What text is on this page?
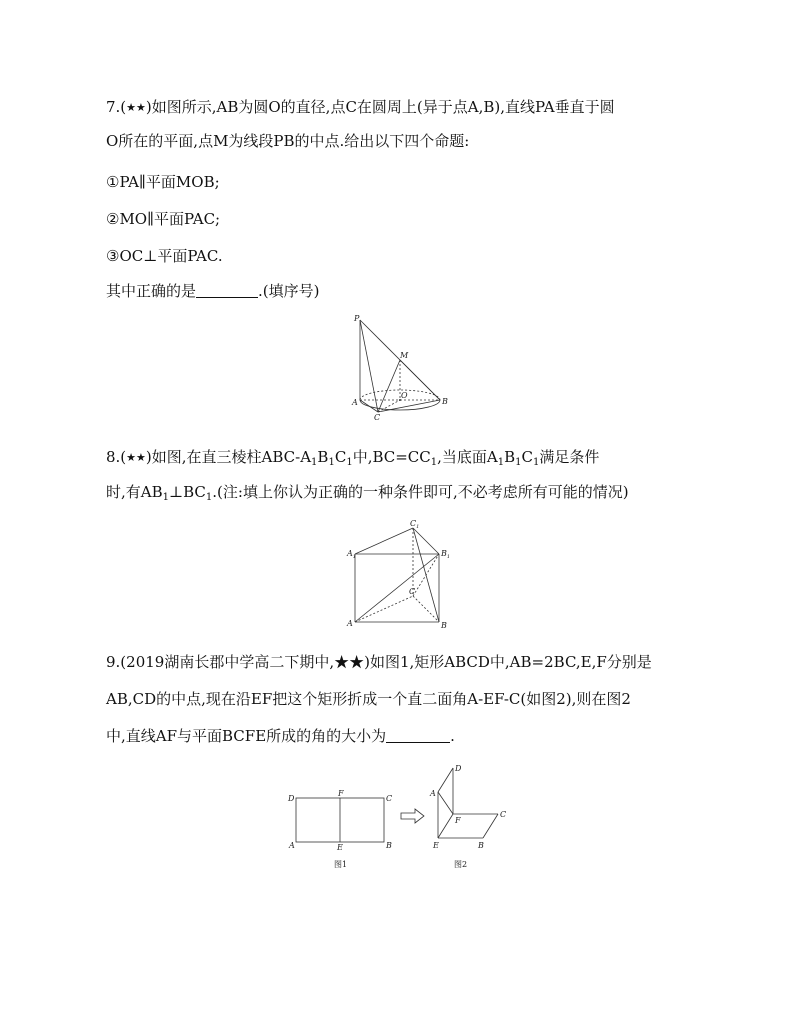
7.(★★)如图所示,AB为圆O的直径,点C在圆周上(异于点A,B),直线PA垂直于圆
O所在的平面,点M为线段PB的中点.给出以下四个命题:
①PA∥平面MOB;
②MO∥平面PAC;
③OC⊥平面PAC.
其中正确的是	.(填序号)
P
M
O
A	B
C
8.(★★)如图,在直三棱柱ABC-$A_1B_1C_1$中$,BC=CC_1$,当底面$A_1B_1C_1$满足条件
时,有$AB_1\perp BC_1$.(注:填上你认为正确的一种条件即可,不必考虑所有可能的情况)
$A_1$
$C_1$
$B_1$
A	B
C
9.(2019湖南长郡中学高二下期中,★★)如图1,矩形ABCD中,AB=2BC,E,F分别是
AB,CD的中点,现在沿EF把这个矩形折成一个直二面角A-EF-C(如图2),则在图2
中,直线AF与平面BCFE所成的角的大小为	.
D
F
C
A	E	B
图1
D
A
F
C
E	B
图2
